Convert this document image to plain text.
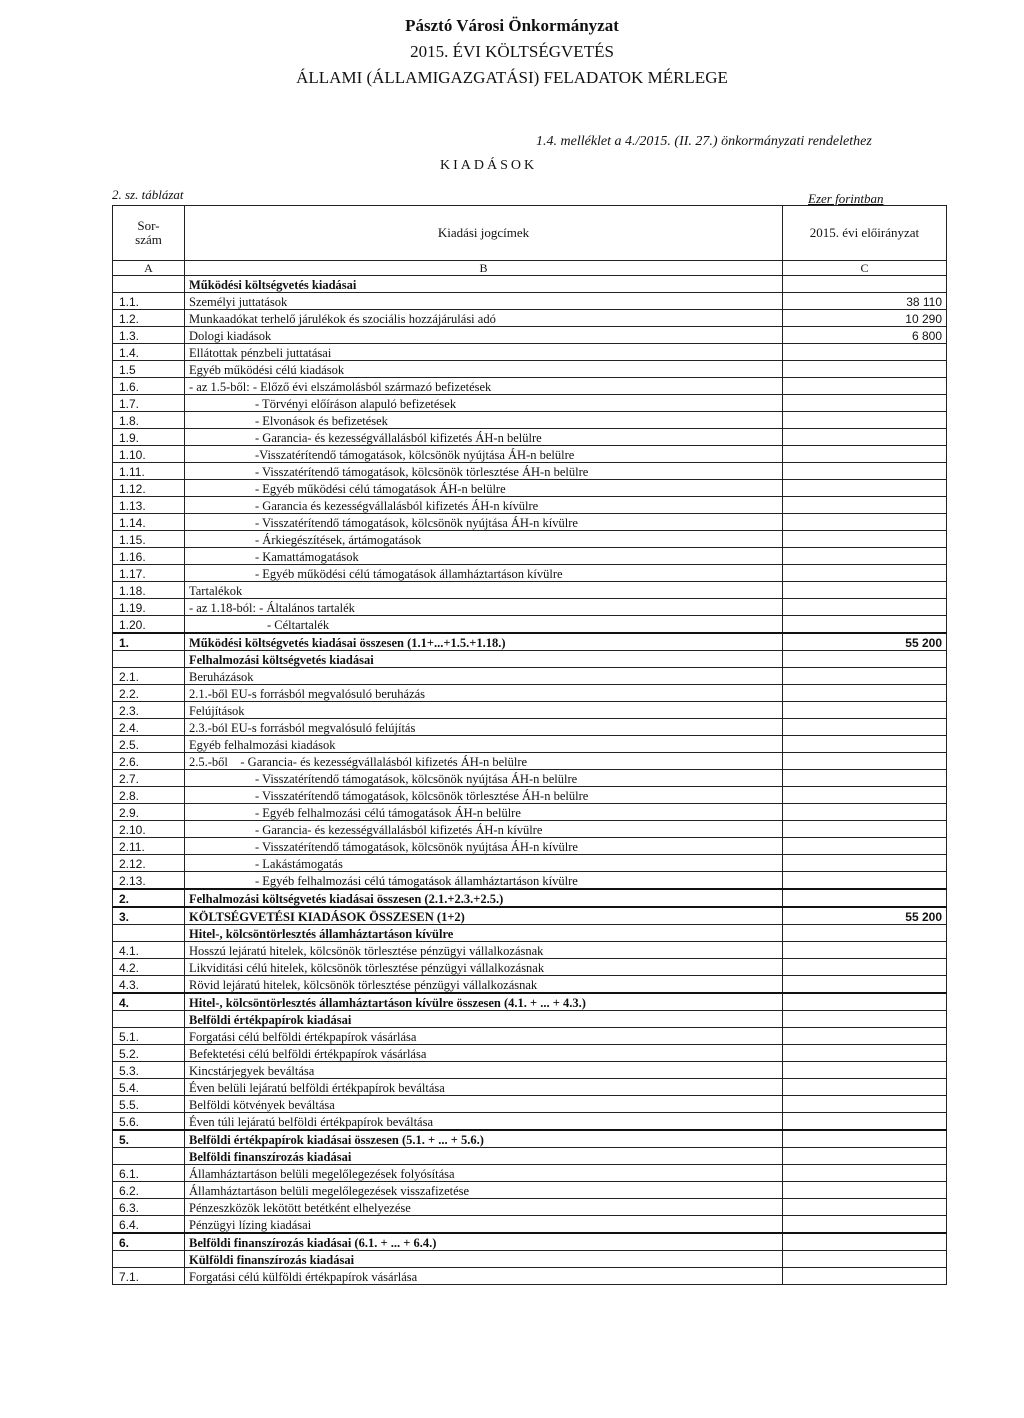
Pásztó Városi Önkormányzat
2015. ÉVI KÖLTSÉGVETÉS
ÁLLAMI (ÁLLAMIGAZGATÁSI) FELADATOK MÉRLEGE
1.4. melléklet a 4./2015. (II. 27.) önkormányzati rendelethez
KIADÁSOK
2. sz. táblázat	Ezer forintban
Sor-
szám	Kiadási jogcímek	2015. évi előirányzat
A	B	C
	Működési költségvetés kiadásai	
1.1.	Személyi juttatások	38 110
1.2.	Munkaadókat terhelő járulékok és szociális hozzájárulási adó	10 290
1.3.	Dologi kiadások	6 800
1.4.	Ellátottak pénzbeli juttatásai	
1.5	Egyéb működési célú kiadások	
1.6.	- az 1.5-ből: - Előző évi elszámolásból származó befizetések	
1.7.	- Törvényi előíráson alapuló befizetések	
1.8.	- Elvonások és befizetések	
1.9.	- Garancia- és kezességvállalásból kifizetés ÁH-n belülre	
1.10.	-Visszatérítendő támogatások, kölcsönök nyújtása ÁH-n belülre	
1.11.	- Visszatérítendő támogatások, kölcsönök törlesztése ÁH-n belülre	
1.12.	- Egyéb működési célú támogatások ÁH-n belülre	
1.13.	- Garancia és kezességvállalásból kifizetés ÁH-n kívülre	
1.14.	- Visszatérítendő támogatások, kölcsönök nyújtása ÁH-n kívülre	
1.15.	- Árkiegészítések, ártámogatások	
1.16.	- Kamattámogatások	
1.17.	- Egyéb működési célú támogatások államháztartáson kívülre	
1.18.	Tartalékok	
1.19.	- az 1.18-ból: - Általános tartalék	
1.20.	- Céltartalék	
1.	Működési költségvetés kiadásai összesen (1.1+...+1.5.+1.18.)	55 200
	Felhalmozási költségvetés kiadásai	
2.1.	Beruházások	
2.2.	2.1.-ből EU-s forrásból megvalósuló beruházás	
2.3.	Felújítások	
2.4.	2.3.-ból EU-s forrásból megvalósuló felújítás	
2.5.	Egyéb felhalmozási kiadások	
2.6.	2.5.-ből    - Garancia- és kezességvállalásból kifizetés ÁH-n belülre	
2.7.	- Visszatérítendő támogatások, kölcsönök nyújtása ÁH-n belülre	
2.8.	- Visszatérítendő támogatások, kölcsönök törlesztése ÁH-n belülre	
2.9.	- Egyéb felhalmozási célú támogatások ÁH-n belülre	
2.10.	- Garancia- és kezességvállalásból kifizetés ÁH-n kívülre	
2.11.	- Visszatérítendő támogatások, kölcsönök nyújtása ÁH-n kívülre	
2.12.	- Lakástámogatás	
2.13.	- Egyéb felhalmozási célú támogatások államháztartáson kívülre	
2.	Felhalmozási költségvetés kiadásai összesen (2.1.+2.3.+2.5.)	
3.	KÖLTSÉGVETÉSI KIADÁSOK ÖSSZESEN (1+2)	55 200
	Hitel-, kölcsöntörlesztés államháztartáson kívülre	
4.1.	Hosszú lejáratú hitelek, kölcsönök törlesztése pénzügyi vállalkozásnak	
4.2.	Likviditási célú hitelek, kölcsönök törlesztése pénzügyi vállalkozásnak	
4.3.	Rövid lejáratú hitelek, kölcsönök törlesztése pénzügyi vállalkozásnak	
4.	Hitel-, kölcsöntörlesztés államháztartáson kívülre összesen (4.1. + ... + 4.3.)	
	Belföldi értékpapírok kiadásai	
5.1.	Forgatási célú belföldi értékpapírok vásárlása	
5.2.	Befektetési célú belföldi értékpapírok vásárlása	
5.3.	Kincstárjegyek beváltása	
5.4.	Éven belüli lejáratú belföldi értékpapírok beváltása	
5.5.	Belföldi kötvények beváltása	
5.6.	Éven túli lejáratú belföldi értékpapírok beváltása	
5.	Belföldi értékpapírok kiadásai összesen (5.1. + ... + 5.6.)	
	Belföldi finanszírozás kiadásai	
6.1.	Államháztartáson belüli megelőlegezések folyósítása	
6.2.	Államháztartáson belüli megelőlegezések visszafizetése	
6.3.	Pénzeszközök lekötött betétként elhelyezése	
6.4.	Pénzügyi lízing kiadásai	
6.	Belföldi finanszírozás kiadásai (6.1. + ... + 6.4.)	
	Külföldi finanszírozás kiadásai	
7.1.	Forgatási célú külföldi értékpapírok vásárlása	
